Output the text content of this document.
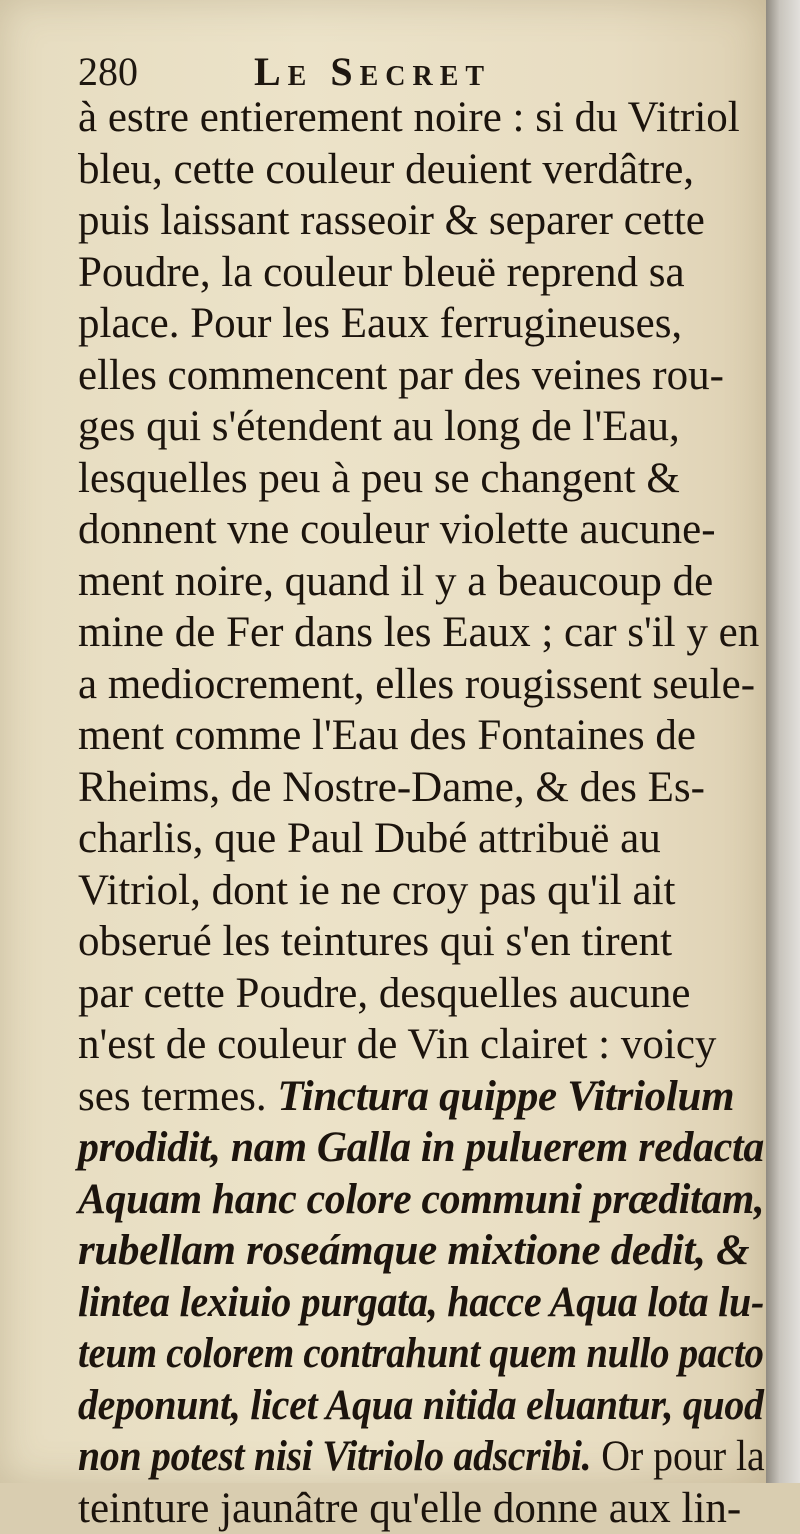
280	Le Secret
à estre entierement noire : si du Vitriol
bleu, cette couleur deuient verdâtre,
puis laissant rasseoir & separer cette
Poudre, la couleur bleuë reprend sa
place. Pour les Eaux ferrugineuses,
elles commencent par des veines rou-
ges qui s'étendent au long de l'Eau,
lesquelles peu à peu se changent &
donnent vne couleur violette aucune-
ment noire, quand il y a beaucoup de
mine de Fer dans les Eaux ; car s'il y en
a mediocrement, elles rougissent seule-
ment comme l'Eau des Fontaines de
Rheims, de Nostre-Dame, & des Es-
charlis, que Paul Dubé attribuë au
Vitriol, dont ie ne croy pas qu'il ait
obserué les teintures qui s'en tirent
par cette Poudre, desquelles aucune
n'est de couleur de Vin clairet : voicy
ses termes. Tinctura quippe Vitriolum
prodidit, nam Galla in puluerem redacta
Aquam hanc colore communi præditam,
rubellam roseámque mixtione dedit, &
lintea lexiuio purgata, hacce Aqua lota lu-
teum colorem contrahunt quem nullo pacto
deponunt, licet Aqua nitida eluantur, quod
non potest nisi Vitriolo adscribi. Or pour la
teinture jaunâtre qu'elle donne aux lin-
